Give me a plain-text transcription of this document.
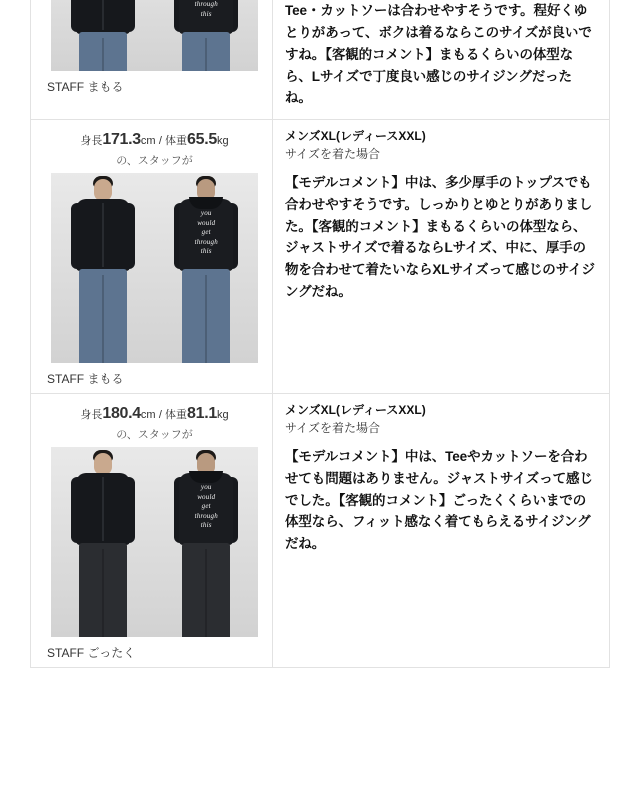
through
this
STAFF まもる
Tee・カットソーは合わせやすそうです。程好くゆとりがあって、ボクは着るならこのサイズが良いですね。【客観的コメント】まもるくらいの体型なら、Lサイズで丁度良い感じのサイジングだったね。
身長171.3cm / 体重65.5kg
の、スタッフが
you
would
get
through
this
STAFF まもる
メンズXL(レディースXXL)
サイズを着た場合
【モデルコメント】中は、多少厚手のトップスでも合わせやすそうです。しっかりとゆとりがありました。【客観的コメント】まもるくらいの体型なら、ジャストサイズで着るならLサイズ、中に、厚手の物を合わせて着たいならXLサイズって感じのサイジングだね。
身長180.4cm / 体重81.1kg
の、スタッフが
you
would
get
through
this
STAFF ごったく
メンズXL(レディースXXL)
サイズを着た場合
【モデルコメント】中は、Teeやカットソーを合わせても問題はありません。ジャストサイズって感じでした。【客観的コメント】ごったくくらいまでの体型なら、フィット感なく着てもらえるサイジングだね。
